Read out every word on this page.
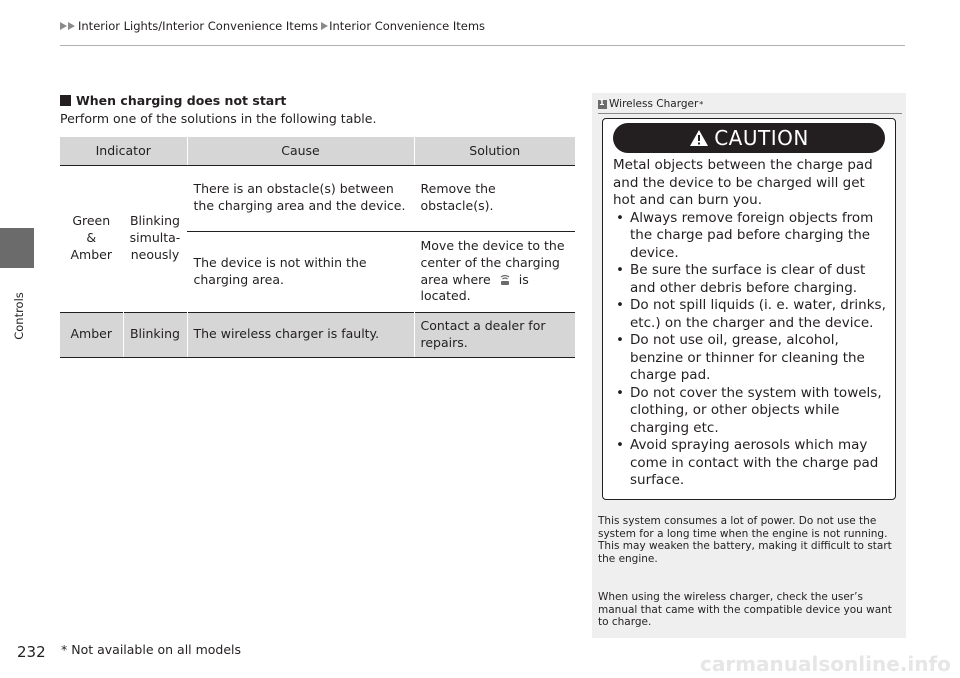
Interior Lights/Interior Convenience Items Interior Convenience Items
Controls
When charging does not start
Perform one of the solutions in the following table.
Indicator		Cause	Solution
Green
&
Amber	Blinking
simulta-
neously	There is an obstacle(s) between the charging area and the device.	Remove the obstacle(s).
		The device is not within the charging area.	Move the device to the center of the charging area where is located.
Amber	Blinking	The wireless charger is faulty.	Contact a dealer for repairs.
1 Wireless Charger *
CAUTION
Metal objects between the charge pad and the device to be charged will get hot and can burn you.
• Always remove foreign objects from the charge pad before charging the device.
• Be sure the surface is clear of dust and other debris before charging.
• Do not spill liquids (i. e. water, drinks, etc.) on the charger and the device.
• Do not use oil, grease, alcohol, benzine or thinner for cleaning the charge pad.
• Do not cover the system with towels, clothing, or other objects while charging etc.
• Avoid spraying aerosols which may come in contact with the charge pad surface.
This system consumes a lot of power. Do not use the system for a long time when the engine is not running. This may weaken the battery, making it difficult to start the engine.
When using the wireless charger, check the user’s manual that came with the compatible device you want to charge.
232 * Not available on all models
carmanualsonline.info
